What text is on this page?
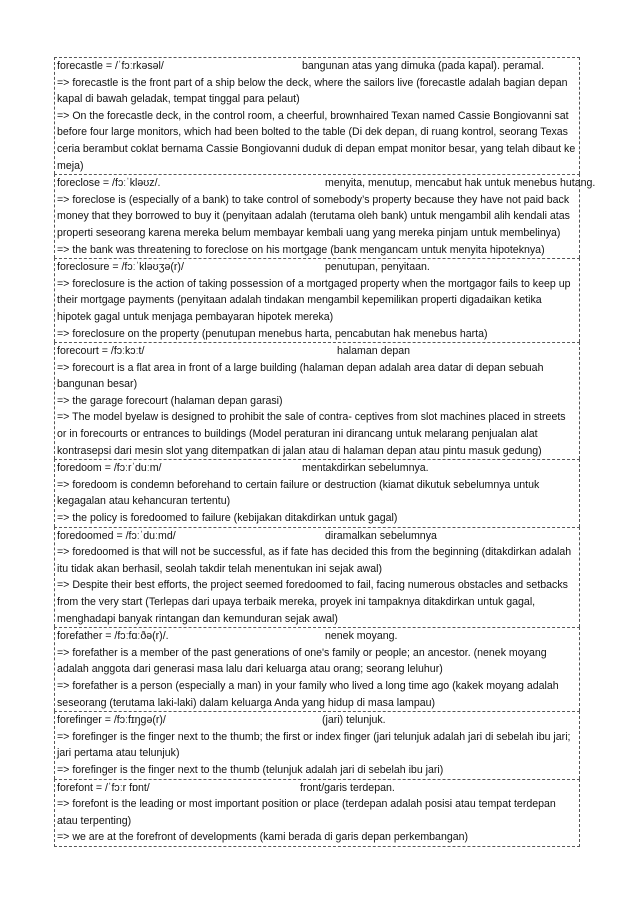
forecastle = /ˈfɔːrkəsəl/	bangunan atas yang dimuka (pada kapal). peramal.
=> forecastle is the front part of a ship below the deck, where the sailors live (forecastle adalah bagian depan kapal di bawah geladak, tempat tinggal para pelaut)
=> On the forecastle deck, in the control room, a cheerful, brownhaired Texan named Cassie Bongiovanni sat before four large monitors, which had been bolted to the table (Di dek depan, di ruang kontrol, seorang Texas ceria berambut coklat bernama Cassie Bongiovanni duduk di depan empat monitor besar, yang telah dibaut ke meja)
foreclose = /fɔːˈkləʊz/.	menyita, menutup, mencabut hak untuk menebus hutang.
=> foreclose is (especially of a bank) to take control of somebody’s property because they have not paid back money that they borrowed to buy it (penyitaan adalah (terutama oleh bank) untuk mengambil alih kendali atas properti seseorang karena mereka belum membayar kembali uang yang mereka pinjam untuk membelinya)
=> the bank was threatening to foreclose on his mortgage (bank mengancam untuk menyita hipoteknya)
foreclosure = /fɔːˈkləʊʒə(r)/	penutupan, penyitaan.
=> foreclosure is the action of taking possession of a mortgaged property when the mortgagor fails to keep up their mortgage payments (penyitaan adalah tindakan mengambil kepemilikan properti digadaikan ketika hipotek gagal untuk menjaga pembayaran hipotek mereka)
=> foreclosure on the property (penutupan menebus harta, pencabutan hak menebus harta)
forecourt = /fɔːkɔːt/	halaman depan
=> forecourt is a flat area in front of a large building (halaman depan adalah area datar di depan sebuah bangunan besar)
=> the garage forecourt (halaman depan garasi)
=> The model byelaw is designed to prohibit the sale of contra- ceptives from slot machines placed in streets or in forecourts or entrances to buildings (Model peraturan ini dirancang untuk melarang penjualan alat kontrasepsi dari mesin slot yang ditempatkan di jalan atau di halaman depan atau pintu masuk gedung)
foredoom = /fɔːrˈduːm/	mentakdirkan sebelumnya.
=> foredoom is condemn beforehand to certain failure or destruction (kiamat dikutuk sebelumnya untuk kegagalan atau kehancuran tertentu)
=> the policy is foredoomed to failure (kebijakan ditakdirkan untuk gagal)
foredoomed = /fɔːˈduːmd/	diramalkan sebelumnya
=> foredoomed is that will not be successful, as if fate has decided this from the beginning (ditakdirkan adalah itu tidak akan berhasil, seolah takdir telah menentukan ini sejak awal)
=> Despite their best efforts, the project seemed foredoomed to fail, facing numerous obstacles and setbacks from the very start (Terlepas dari upaya terbaik mereka, proyek ini tampaknya ditakdirkan untuk gagal, menghadapi banyak rintangan dan kemunduran sejak awal)
forefather = /fɔːfɑːðə(r)/.	nenek moyang.
=> forefather is a member of the past generations of one's family or people; an ancestor. (nenek moyang adalah anggota dari generasi masa lalu dari keluarga atau orang; seorang leluhur)
=> forefather is a person (especially a man) in your family who lived a long time ago (kakek moyang adalah seseorang (terutama laki-laki) dalam keluarga Anda yang hidup di masa lampau)
forefinger = /fɔːfɪŋɡə(r)/	(jari) telunjuk.
=> forefinger is the finger next to the thumb; the first or index finger (jari telunjuk adalah jari di sebelah ibu jari; jari pertama atau telunjuk)
=> forefinger is the finger next to the thumb (telunjuk adalah jari di sebelah ibu jari)
forefont = /ˈfɔːr fɒnt/	front/garis terdepan.
=> forefont is the leading or most important position or place (terdepan adalah posisi atau tempat terdepan atau terpenting)
=> we are at the forefront of developments (kami berada di garis depan perkembangan)
